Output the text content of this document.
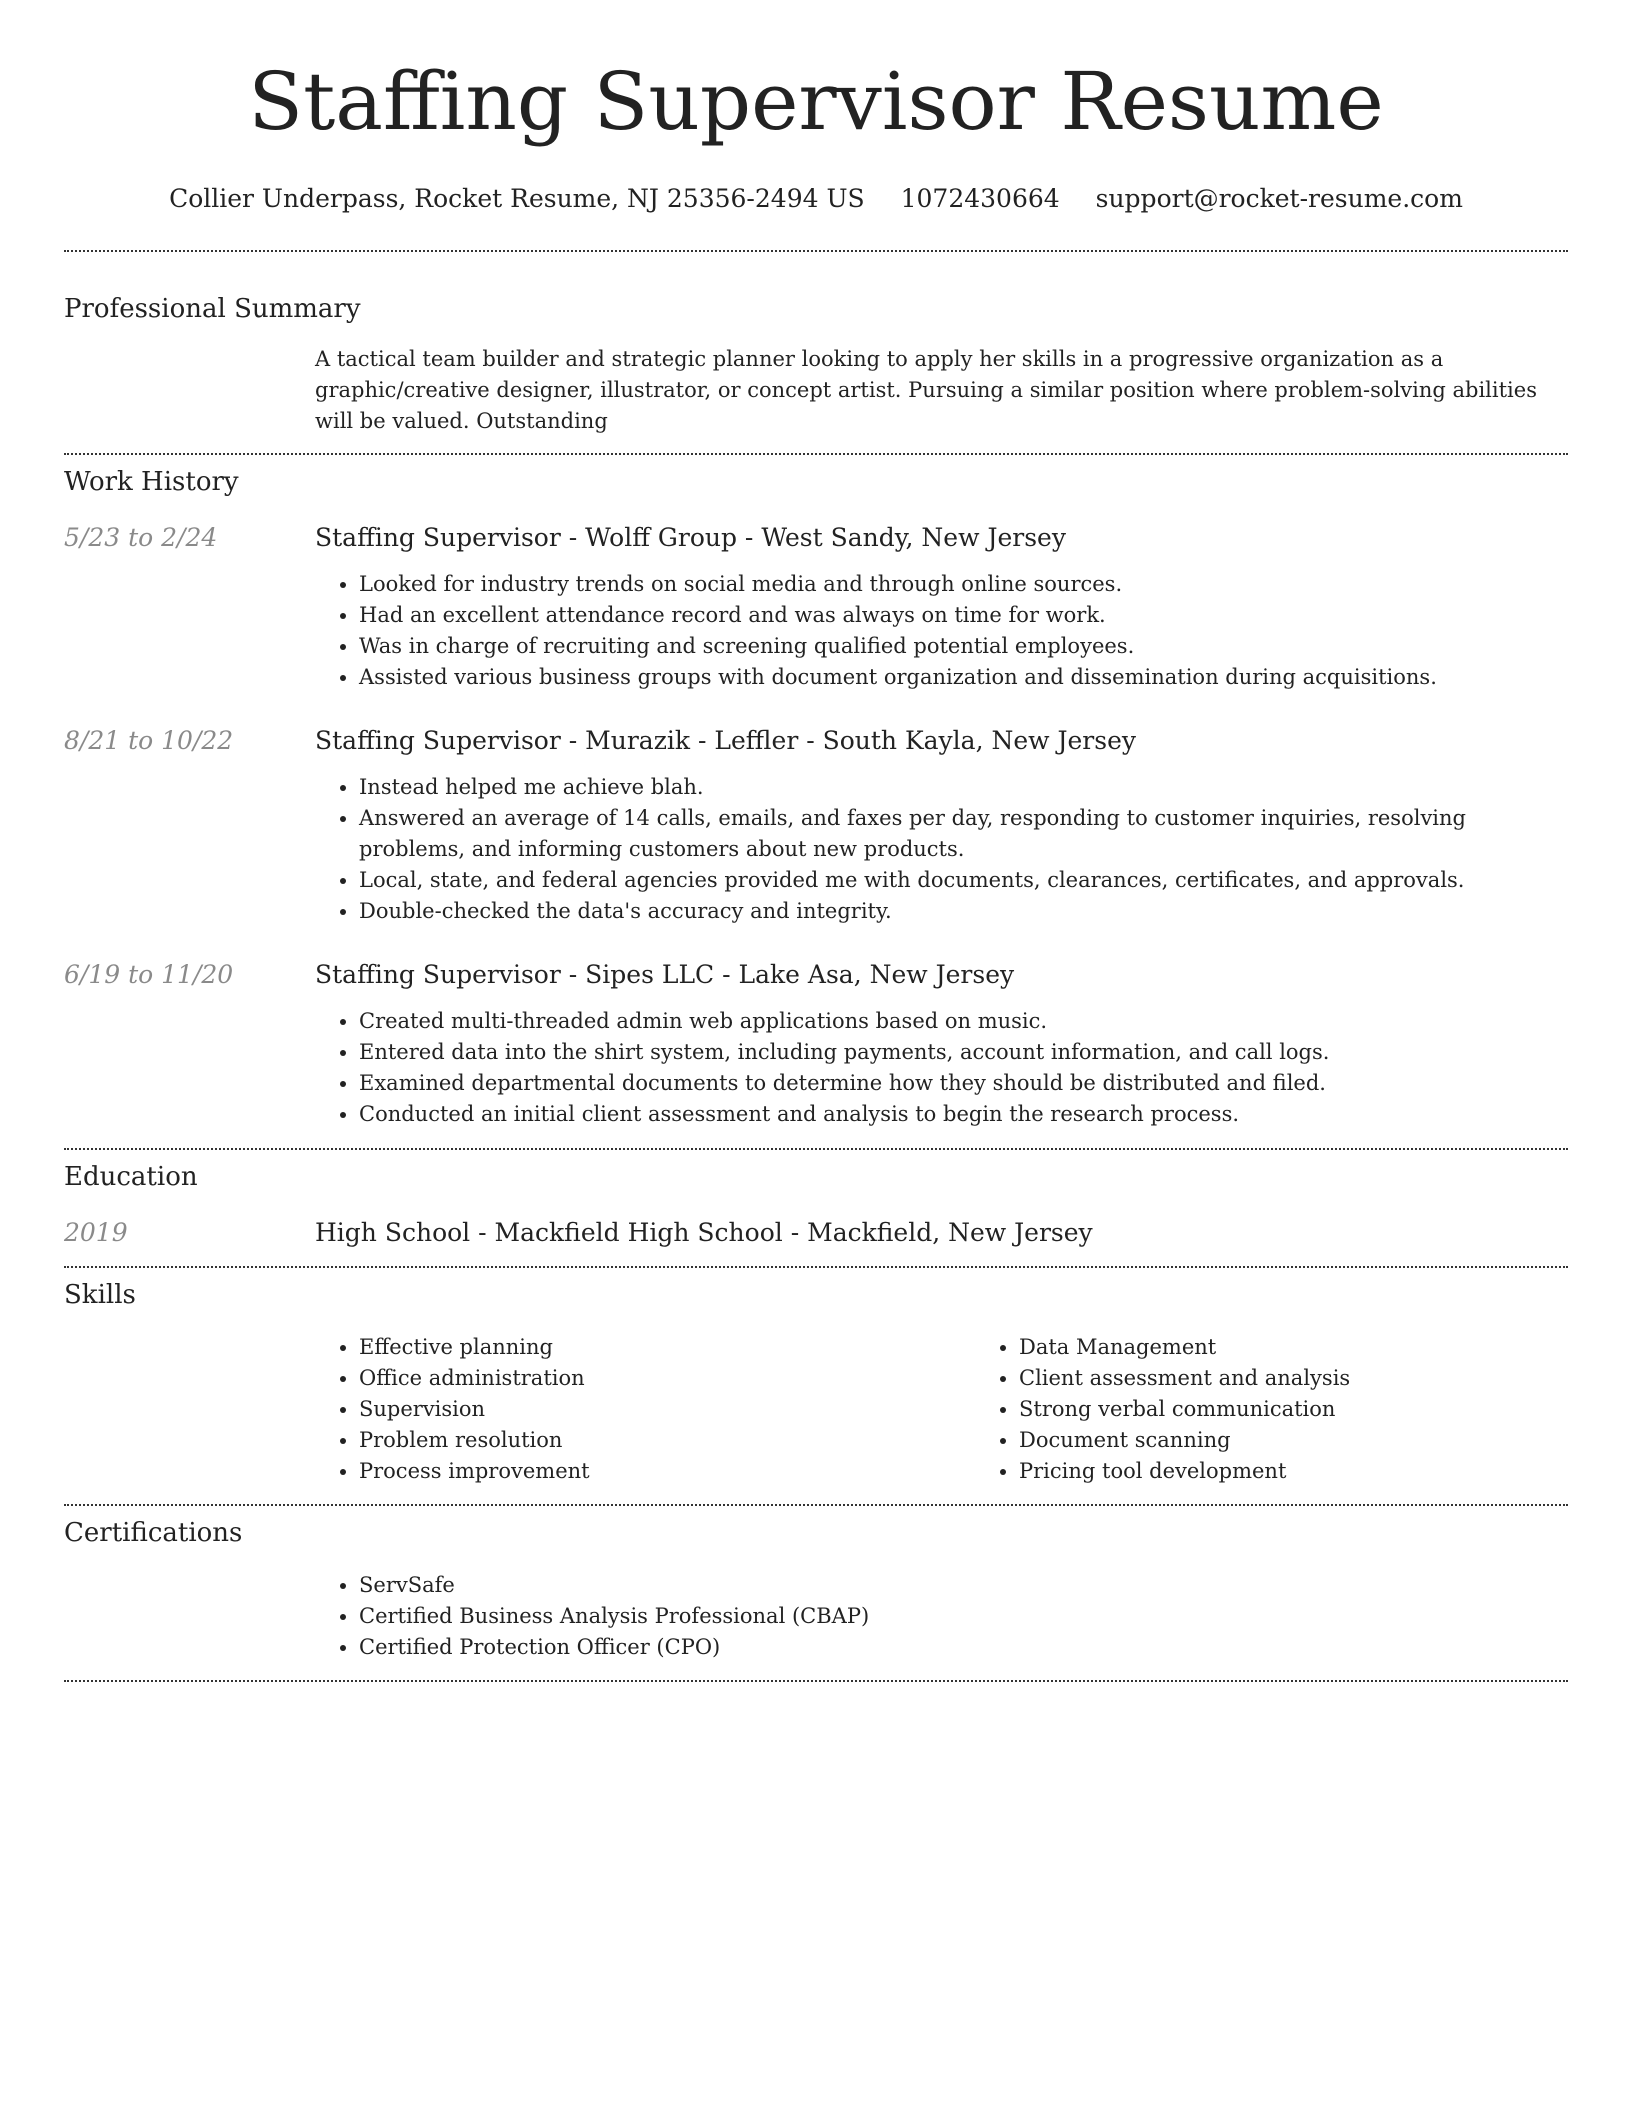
Staffing Supervisor Resume
Collier Underpass, Rocket Resume, NJ 25356-2494 US 1072430664 support@rocket-resume.com
Professional Summary

A tactical team builder and strategic planner looking to apply her skills in a progressive organization as a graphic/creative designer, illustrator, or concept artist. Pursuing a similar position where problem-solving abilities will be valued. Outstanding

Work History
5/23 to 2/24	Staffing Supervisor - Wolff Group - West Sandy, New Jersey

• Looked for industry trends on social media and through online sources.
• Had an excellent attendance record and was always on time for work.
• Was in charge of recruiting and screening qualified potential employees.
• Assisted various business groups with document organization and dissemination during acquisitions.
8/21 to 10/22	Staffing Supervisor - Murazik - Leffler - South Kayla, New Jersey

• Instead helped me achieve blah.
• Answered an average of 14 calls, emails, and faxes per day, responding to customer inquiries, resolving problems, and informing customers about new products.
• Local, state, and federal agencies provided me with documents, clearances, certificates, and approvals.
• Double-checked the data's accuracy and integrity.
6/19 to 11/20	Staffing Supervisor - Sipes LLC - Lake Asa, New Jersey

• Created multi-threaded admin web applications based on music.
• Entered data into the shirt system, including payments, account information, and call logs.
• Examined departmental documents to determine how they should be distributed and filed.
• Conducted an initial client assessment and analysis to begin the research process.
Education
2019	High School - Mackfield High School - Mackfield, New Jersey

Skills
• Effective planning
• Office administration
• Supervision
• Problem resolution
• Process improvement
• Data Management
• Client assessment and analysis
• Strong verbal communication
• Document scanning
• Pricing tool development
Certifications
• ServSafe
• Certified Business Analysis Professional (CBAP)
• Certified Protection Officer (CPO)
